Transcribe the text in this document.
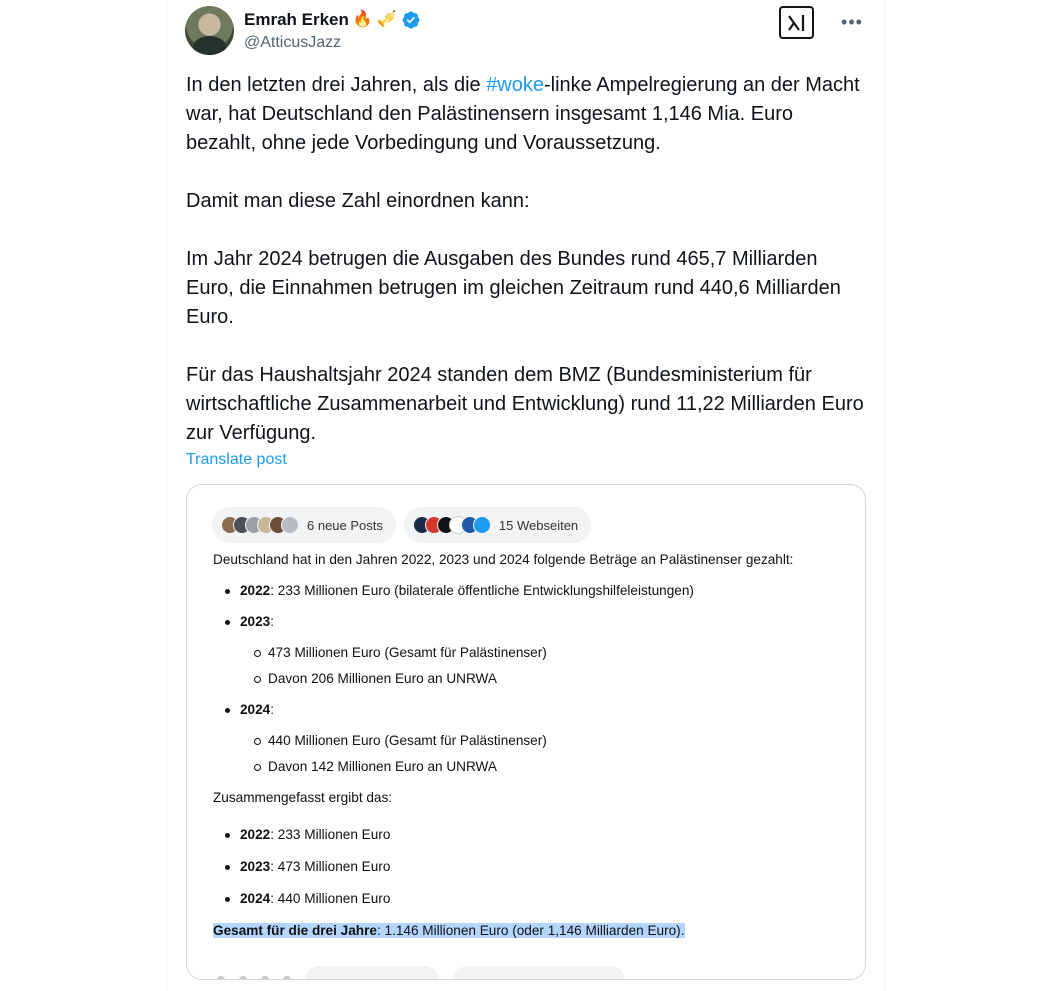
Emrah Erken 🔥 🎺
@AtticusJazz
•••

In den letzten drei Jahren, als die #woke-linke Ampelregierung an der Macht war, hat Deutschland den Palästinensern insgesamt 1,146 Mia. Euro bezahlt, ohne jede Vorbedingung und Voraussetzung.

Damit man diese Zahl einordnen kann:

Im Jahr 2024 betrugen die Ausgaben des Bundes rund 465,7 Milliarden Euro, die Einnahmen betrugen im gleichen Zeitraum rund 440,6 Milliarden Euro.

Für das Haushaltsjahr 2024 standen dem BMZ (Bundesministerium für wirtschaftliche Zusammenarbeit und Entwicklung) rund 11,22 Milliarden Euro zur Verfügung.

Translate post
6 neue Posts	15 Webseiten
Deutschland hat in den Jahren 2022, 2023 und 2024 folgende Beträge an Palästinenser gezahlt:
2022: 233 Millionen Euro (bilaterale öffentliche Entwicklungshilfeleistungen)
2023:
473 Millionen Euro (Gesamt für Palästinenser)
Davon 206 Millionen Euro an UNRWA
2024:
440 Millionen Euro (Gesamt für Palästinenser)
Davon 142 Millionen Euro an UNRWA
Zusammengefasst ergibt das:
2022: 233 Millionen Euro
2023: 473 Millionen Euro
2024: 440 Millionen Euro
Gesamt für die drei Jahre: 1.146 Millionen Euro (oder 1,146 Milliarden Euro).
